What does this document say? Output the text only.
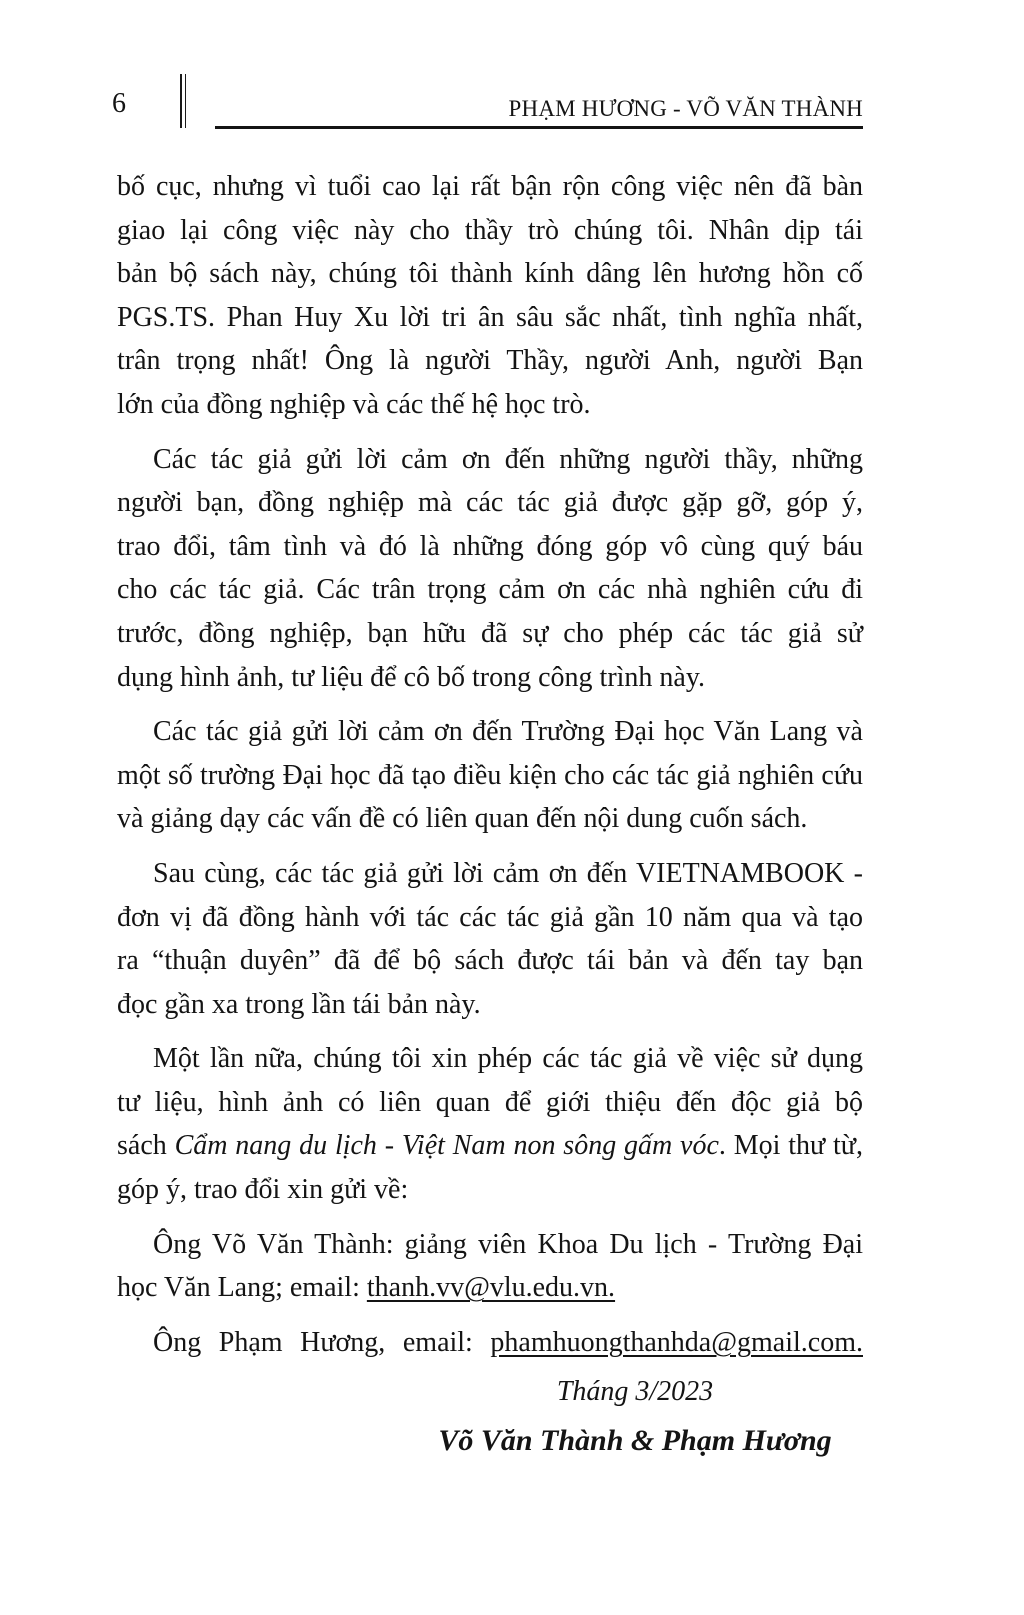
6	PHẠM HƯƠNG - VÕ VĂN THÀNH
bố cục, nhưng vì tuổi cao lại rất bận rộn công việc nên đã bàn
giao lại công việc này cho thầy trò chúng tôi. Nhân dịp tái
bản bộ sách này, chúng tôi thành kính dâng lên hương hồn cố
PGS.TS. Phan Huy Xu lời tri ân sâu sắc nhất, tình nghĩa nhất,
trân trọng nhất! Ông là người Thầy, người Anh, người Bạn
lớn của đồng nghiệp và các thế hệ học trò.
Các tác giả gửi lời cảm ơn đến những người thầy, những
người bạn, đồng nghiệp mà các tác giả được gặp gỡ, góp ý,
trao đổi, tâm tình và đó là những đóng góp vô cùng quý báu
cho các tác giả. Các trân trọng cảm ơn các nhà nghiên cứu đi
trước, đồng nghiệp, bạn hữu đã sự cho phép các tác giả sử
dụng hình ảnh, tư liệu để cô bố trong công trình này.
Các tác giả gửi lời cảm ơn đến Trường Đại học Văn Lang và
một số trường Đại học đã tạo điều kiện cho các tác giả nghiên cứu
và giảng dạy các vấn đề có liên quan đến nội dung cuốn sách.
Sau cùng, các tác giả gửi lời cảm ơn đến VIETNAMBOOK -
đơn vị đã đồng hành với tác các tác giả gần 10 năm qua và tạo
ra “thuận duyên” đã để bộ sách được tái bản và đến tay bạn
đọc gần xa trong lần tái bản này.
Một lần nữa, chúng tôi xin phép các tác giả về việc sử dụng
tư liệu, hình ảnh có liên quan để giới thiệu đến độc giả bộ
sách Cẩm nang du lịch - Việt Nam non sông gấm vóc. Mọi thư từ,
góp ý, trao đổi xin gửi về:
Ông Võ Văn Thành: giảng viên Khoa Du lịch - Trường Đại
học Văn Lang; email: thanh.vv@vlu.edu.vn.
Ông Phạm Hương, email: phamhuongthanhda@gmail.com.
Tháng 3/2023
Võ Văn Thành & Phạm Hương
